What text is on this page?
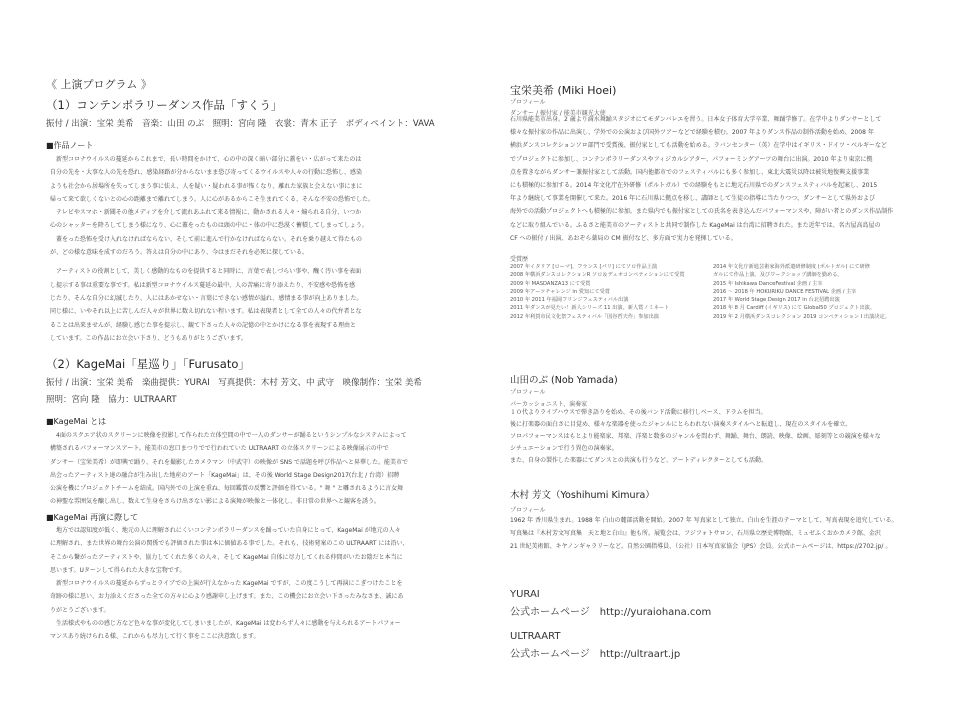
《 上演プログラム 》
（1）コンテンポラリーダンス作品「すくう」
振付 / 出演：宝栄 美希　音楽：山田 のぶ　照明：宮向 隆　衣裳：青木 正子　ボディペイント：VAVA
■作品ノート
　新型コロナウイルスの蔓延からこれまで、長い時間をかけて、心の中の深く暗い部分に蓋をい・広がって来たのは
自分の先を・大事な人の先を恐れ、感染経路が分からないまま恐び寄ってくるウイルスや人々の行動に恐怖し、感染
ようも社会から居場所を失ってしまう事に怯え、人を疑い・疑われる事が怖くなり、離れた家族と会えない事にまに
帰って来て欲しくないとの心の距離まで離れてしまう。人に心があるからこそ生まれてくる、そんな不安の恐怖でした。
　テレビやスマホ・新聞その他メディアを介して流れあふれて来る情報に、動かされる人々・煽られる自分、いつか
心のシャッターを降ろしてしまう様になり、心に蓋をったものは頭の中に・体の中に恐漠く蓄積してしまってしょう。
　蓋をった恐怖を受け入れなければならない、そして前に進んで行かなければならない。それを乗り越えて得たもの
が、どの様な意味を成すのだろう。答えは自分の中にあり、今はまだそれを必死に探している。
　アーティストの役割として、美しく感動的なものを提供すると同時に、言葉で表しづらい事や、醜く汚い事を表面
し提示する事は重要な事です。私は新型コロナウイルス蔓延の最中、人の苦痛に寄り添えたり、不安感や恐怖を感
じたり、そんな自分に幻滅したり、人にはあかせない・言葉にできない感情が溢れ、感情まる事が向上ありました。
同じ様に、いやそれ以上に苦しんだ人々が世界に数え切れない程います。私は表現者として全ての人々の代弁者とな
ることは出来ませんが、経験し感じた事を提示し、観て下さった人々の記憶の中とかけになる事を表現する理由と
しています。この作品にお立会い下さり、どうもありがとうございます。
（2）KageMai「星巡り」「Furusato」
振付 / 出演：宝栄 美希　楽曲提供：YURAI　写真提供：木村 芳文、中 武守　映像制作：宝栄 美希
照明：宮向 隆　協力：ULTRAART
■KageMai とは
　4面のスクエア状のスクリーンに映像を投影して作られた立体空間の中で一人のダンサーが踊るというシンプルなシステムによって
構築されるパフォーマンスアート。能美市の窓口まつりでで行われていた ULTRAART の立体スクリーンによる映像展示の中で
ダンサー（宝栄美希）が即興で踊り、それを撮影したカメラマン（中武守）の映像が SNS で話題を呼び作品へと昇華した。能美市で
出会ったアーティスト達の融合が生み出した地産のアート「KageMai」は、その後 World Stage Design2017(台北 / 台湾）招聘
公演を機にプロジェクトチームを結成。国内外での上演を重ね、毎回鑑賞の反響と評価を得ている。" 舞 " と囃されるように言女舞
の神聖な雰囲気を醸し出し、数えて生身をさらけ出さない影による演舞が映像と一体化し、非日常の世界へと観客を誘う。
■KageMai 再演に際して
　地方では認知度が低く、地元の人に理解されにくいコンテンポラリーダンスを踊っていた自身にとって、KageMai が地元の人々
に理解され、また世界の舞台公演の関係でも評価された事は本に価値ある事でした。それも、技術発案のこの ULTRAART には沿い、
そこから繋がったアーティストや、協力してくれた多くの人々、そして KageMai 自体に尽力してくれる仲間がいたお陰だと本当に
思います。Uターンして得られた大きな宝物です。
　新型コロナウイルスの蔓延からずっとライブでの上演が行えなかった KageMai ですが、この度こうして再演にこぎつけたことを
奇跡の様に思い、お力添えくださった全ての方々に心より感謝申し上げます。また、この機会にお立会い下さったみなさま、誠にあ
りがとうございます。
　生活様式やものの感じ方など色々な事が変化してしまいましたが、KageMai は変わらず人々に感動を与えられるアートパフォー
マンスあり続けられる様、これからも尽力して行く事をここに決意致します。
宝栄美希 (Miki Hoei)
プロフィール
ダンサー / 振付家 / 能美市観光大使
石川県能美市出身。2 歳より満水舞踊スタジオにてモダンバレエを習う。日本女子体育大学卒業、舞踊学修了。在学中よりダンサーとして
様々な振付家の作品に出演し、学外での公演および国外ツアーなどで経験を積む。2007 年よりダンス作品の制作活動を始め、2008 年
横浜ダンスコレクションソロ部門で受賞後、振付家としても活動を始める。ラバンセンター（英）在学中はイギリス・ドイツ・ベルギーなど
でプロジェクトに参加し、コンテンポラリーダンスやフィジカルシアター、パフォーミングアーツの舞台に出演。2010 年より東京に拠
点を置きながらダンサー兼振付家として活動。国内他都市でのフェスティバルにも多く参加し、東北大震災以降は被災地復興支援事業
にも積極的に参加する。2014 年文化庁在外研修（ポルトガル）での経験をもとに地元石川県でのダンスフェスティバルを起案し、2015
年より継続して事業を開催して来た。2016 年に石川県に拠点を移し、講師として生徒の指導に当たりつつ、ダンサーとして県外および
海外での活動プロジェクトへも積極的に参加。また県内でも振付家としての氏名を表き込んだパフォーマンスや、障がい者とのダンス作品制作
などに取り組んでいる。ふるさと能美市のアーティストと共同で制作した KageMai は台湾に招聘された。また近年では、名古屋高島屋の
CF への振付 / 出演、あおぞら薬局の CM 振付など、多方面で実力を発揮している。
受賞歴
2007 年イタリア [ローマ]、フランス [パリ] にてソロ作品上演
2008 年横浜ダンスコレクションR ソロ＆デュオコンペティションにて受賞
2009 年 MASDANZA13 にて受賞
2009 年アーツチャレンジ in 愛知にて受賞
2010 年 2011 年福岡フリンジフェスティバル出演
2011 年ダンスが見たい！新人シリーズ 11 出演、新人賞ノミネート
2012 年利賀市民文化祭フェスティバル「国谷哲夫作」参加出演
2014 年文化庁新進芸術家海外派遣研修制度 (ポルトガル) にて研修
ガルにて作品上演、及びワークショップ講師を勤める。
2015 年 Ishikawa DanceFestival 企画 / 主宰
2016 ～ 2018 年 HOKURIKU DANCE FESTIVAL 企画 / 主宰
2017 年 World Stage Design 2017 in 台北招聘出演
2018 年 8 月 Cardiff (イギリス) にて Global50 プロジェクト出演。
2019 年 2 月横浜ダンスコレクション 2019 コンペティション I 出演決定。
山田のぶ (Nob Yamada)
プロフィール
パーカッショニスト、演奏家
１０代よりライブハウスで弾き語りを始め、その後バンド活動に移行しベース、ドラムを担当。
後に打楽器の面白さに目覚め、様々な楽器を使ったジャンルにとらわれない演奏スタイルへと転進し、現在のスタイルを確立。
ソロパフォーマンスはもとより能楽家、邦楽、洋楽と数多のジャンルを問わず、舞踊、舞台、朗読、映像、絵画、彫刻等との競演を様々な
シチュエーションで行う異色の演奏家。
また、自身の製作した楽器にてダンスとの共演も行うなど、アートディレクターとしても活動。
木村 芳文（Yoshihumi Kimura）
プロフィール
1962 年 香川県生まれ。1988 年 白山の麓部活動を開始。2007 年 写真家として独立。白山を生涯のテーマとして、写真表現を追究している。
写真集は『木村芳文写真集　天と地と白山』他も所。展覧会は、フジフォトサロン、石川県立歴史博物館、ミュゼふくおかカメラ館、金沢
21 世紀美術館、キヤノンギャラリーなど。自然公園指導員、（公社）日本写真家協会（JPS）会員。公式ホームページは、https://2702.jp/ 。
YURAI
公式ホームページ　http://yuraiohana.com
ULTRAART
公式ホームページ　http://ultraart.jp
